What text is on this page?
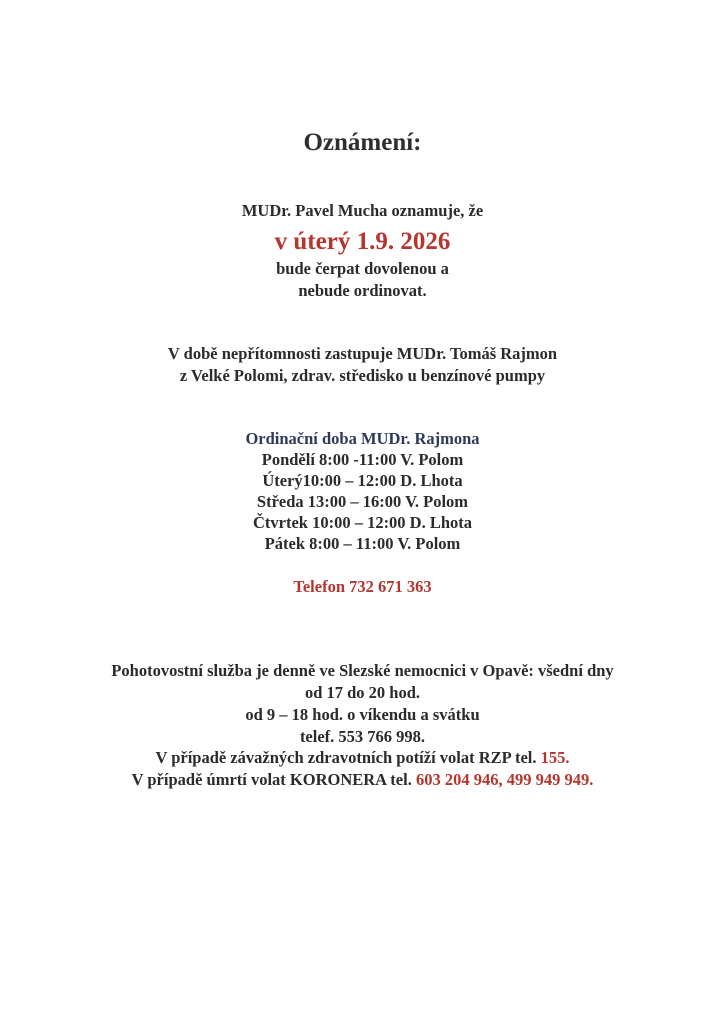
Oznámení:
MUDr. Pavel Mucha oznamuje, že
v úterý 1.9. 2026
bude čerpat dovolenou a
nebude ordinovat.
V době nepřítomnosti zastupuje MUDr. Tomáš Rajmon
z Velké Polomi, zdrav. středisko u benzínové pumpy
Ordinační doba MUDr. Rajmona
Pondělí 8:00 -11:00 V. Polom
Úterý10:00 – 12:00 D. Lhota
Středa 13:00 – 16:00 V. Polom
Čtvrtek 10:00 – 12:00 D. Lhota
Pátek 8:00 – 11:00 V. Polom
Telefon 732 671 363
Pohotovostní služba je denně ve Slezské nemocnici v Opavě: všední dny
od 17 do 20 hod.
od 9 – 18 hod. o víkendu a svátku
telef. 553 766 998.
V případě závažných zdravotních potíží volat RZP tel. 155.
V případě úmrtí volat KORONERA tel. 603 204 946, 499 949 949.
